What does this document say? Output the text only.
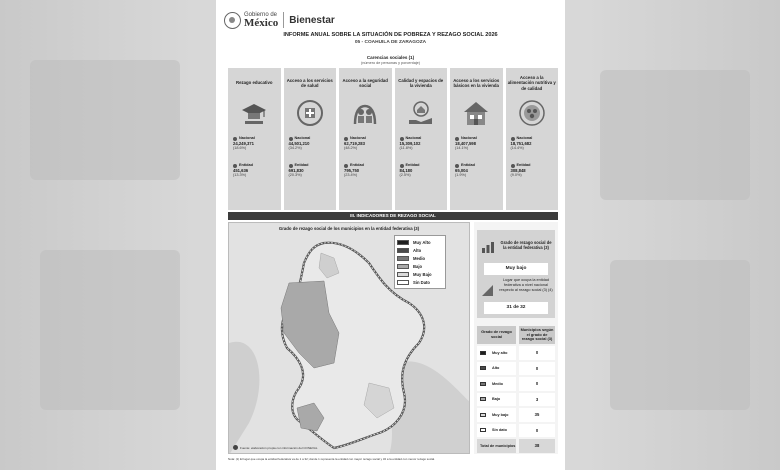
Gobierno de
México Bienestar
INFORME ANUAL SOBRE LA SITUACIÓN DE POBREZA Y REZAGO SOCIAL 2026
05 - COAHUILA DE ZARAGOZA
Carencias sociales (1)
(número de personas y porcentaje)
Rezago educativo
Nacional
24,249,371
(18.6%)
Entidad
451,636
(13.3%)
Acceso a los servicios de salud
Nacional
44,501,210
(34.2%)
Entidad
691,830
(20.3%)
Acceso a la seguridad social
Nacional
62,719,283
(48.2%)
Entidad
795,750
(23.4%)
Calidad y espacios de la vivienda
Nacional
15,309,102
(11.8%)
Entidad
84,180
(2.5%)
Acceso a los servicios básicos en la vivienda
Nacional
18,407,598
(14.1%)
Entidad
65,004
(1.9%)
Acceso a la alimentación nutritiva y de calidad
Nacional
18,751,682
(14.4%)
Entidad
308,848
(9.0%)
III. INDICADORES DE REZAGO SOCIAL
Grado de rezago social de los municipios en la entidad federativa (3)
Muy Alto
Alto
Medio
Bajo
Muy Bajo
Sin Dato
Fuente: elaboración propia con información del CONEVAL
Grado de rezago social de la entidad federativa (3)
Muy bajo
Lugar que ocupa la entidad federativa a nivel nacional respecto al rezago social (3) (4)
31 de 32
Grado de rezago social
Municipios según el grado de rezago social (3)
Muy alto	0
Alto	0
Medio	0
Bajo	3
Muy bajo	35
Sin dato	0
Total de municipios	38
Nota: (1) El lugar que ocupa la entidad federativa va de 1 a 32; donde 1 representa la entidad con mayor rezago social y 32 a la entidad con menor rezago social.
